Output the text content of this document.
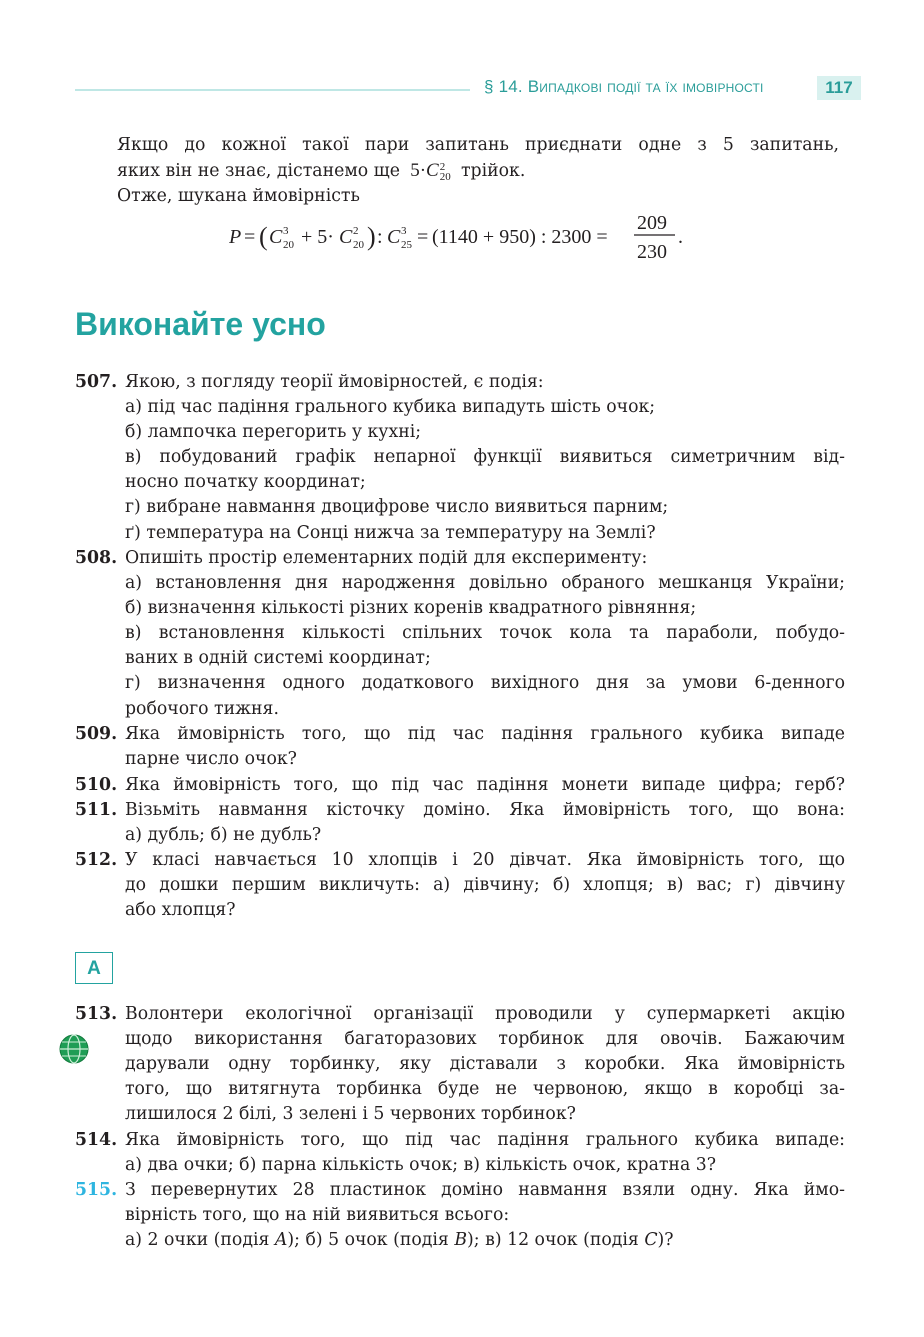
§ 14. Випадкові події та їх імовірності	117

Якщо до кожної такої пари запитань приєднати одне з 5 запитань,

яких він не знає, дістанемо ще  5·C 2
20 трійок.

Отже, шукана ймовірність

P = ( C 3
20 + 5· C 2
20 ) : C 3
25 = (1140 + 950) : 2300 =
209
230
.
Виконайте усно
507. Якою, з погляду теорії ймовірностей, є подія:
а) під час падіння грального кубика випадуть шість очок;
б) лампочка перегорить у кухні;
в) побудований графік непарної функції виявиться симетричним від-
носно початку координат;
г) вибране навмання двоцифрове число виявиться парним;
ґ) температура на Сонці нижча за температуру на Землі?
508. Опишіть простір елементарних подій для експерименту:
а) встановлення дня народження довільно обраного мешканця України;
б) визначення кількості різних коренів квадратного рівняння;
в) встановлення кількості спільних точок кола та параболи, побудо-
ваних в одній системі координат;
г) визначення одного додаткового вихідного дня за умови 6-денного
робочого тижня.
509. Яка ймовірність того, що під час падіння грального кубика випаде
парне число очок?
510. Яка ймовірність того, що під час падіння монети випаде цифра; герб?
511. Візьміть навмання кісточку доміно. Яка ймовірність того, що вона:
а) дубль; б) не дубль?
512. У класі навчається 10 хлопців і 20 дівчат. Яка ймовірність того, що
до дошки першим викличуть: а) дівчину; б) хлопця; в) вас; г) дівчину
або хлопця?
А
513. Волонтери екологічної організації проводили у супермаркеті акцію
щодо використання багаторазових торбинок для овочів. Бажаючим
дарували одну торбинку, яку діставали з коробки. Яка ймовірність
того, що витягнута торбинка буде не червоною, якщо в коробці за-
лишилося 2 білі, 3 зелені і 5 червоних торбинок?
514. Яка ймовірність того, що під час падіння грального кубика випаде:
а) два очки; б) парна кількість очок; в) кількість очок, кратна 3?
515. З перевернутих 28 пластинок доміно навмання взяли одну. Яка ймо-
вірність того, що на ній виявиться всього:
а) 2 очки (подія A); б) 5 очок (подія B); в) 12 очок (подія C)?
